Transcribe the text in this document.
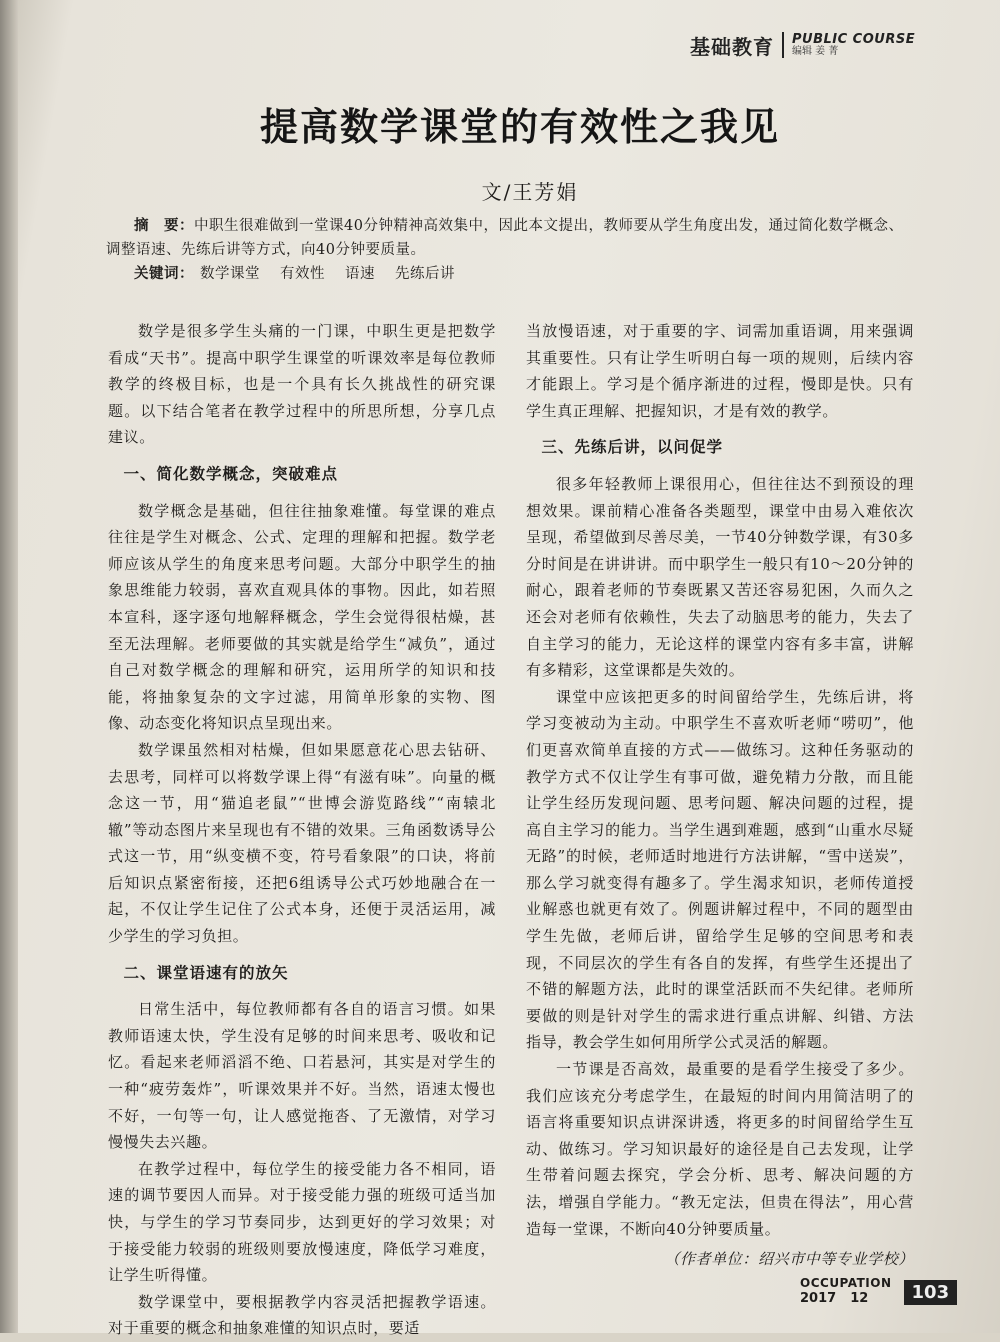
基础教育 PUBLIC COURSE
编辑 姜 菁
提高数学课堂的有效性之我见
文/王芳娟

摘　要：中职生很难做到一堂课40分钟精神高效集中，因此本文提出，教师要从学生角度出发，通过简化数学概念、调整语速、先练后讲等方式，向40分钟要质量。

关键词： 数学课堂 有效性 语速 先练后讲

数学是很多学生头痛的一门课，中职生更是把数学看成“天书”。提高中职学生课堂的听课效率是每位教师教学的终极目标，也是一个具有长久挑战性的研究课题。以下结合笔者在教学过程中的所思所想，分享几点建议。

一、简化数学概念，突破难点

数学概念是基础，但往往抽象难懂。每堂课的难点往往是学生对概念、公式、定理的理解和把握。数学老师应该从学生的角度来思考问题。大部分中职学生的抽象思维能力较弱，喜欢直观具体的事物。因此，如若照本宣科，逐字逐句地解释概念，学生会觉得很枯燥，甚至无法理解。老师要做的其实就是给学生“减负”，通过自己对数学概念的理解和研究，运用所学的知识和技能，将抽象复杂的文字过滤，用简单形象的实物、图像、动态变化将知识点呈现出来。

数学课虽然相对枯燥，但如果愿意花心思去钻研、去思考，同样可以将数学课上得“有滋有味”。向量的概念这一节，用“猫追老鼠”“世博会游览路线”“南辕北辙”等动态图片来呈现也有不错的效果。三角函数诱导公式这一节，用“纵变横不变，符号看象限”的口诀，将前后知识点紧密衔接，还把6组诱导公式巧妙地融合在一起，不仅让学生记住了公式本身，还便于灵活运用，减少学生的学习负担。

二、课堂语速有的放矢

日常生活中，每位教师都有各自的语言习惯。如果教师语速太快，学生没有足够的时间来思考、吸收和记忆。看起来老师滔滔不绝、口若悬河，其实是对学生的一种“疲劳轰炸”，听课效果并不好。当然，语速太慢也不好，一句等一句，让人感觉拖沓、了无激情，对学习慢慢失去兴趣。

在教学过程中，每位学生的接受能力各不相同，语速的调节要因人而异。对于接受能力强的班级可适当加快，与学生的学习节奏同步，达到更好的学习效果；对于接受能力较弱的班级则要放慢速度，降低学习难度，让学生听得懂。

数学课堂中，要根据教学内容灵活把握教学语速。对于重要的概念和抽象难懂的知识点时，要适

当放慢语速，对于重要的字、词需加重语调，用来强调其重要性。只有让学生听明白每一项的规则，后续内容才能跟上。学习是个循序渐进的过程，慢即是快。只有学生真正理解、把握知识，才是有效的教学。

三、先练后讲，以问促学

很多年轻教师上课很用心，但往往达不到预设的理想效果。课前精心准备各类题型，课堂中由易入难依次呈现，希望做到尽善尽美，一节40分钟数学课，有30多分时间是在讲讲讲。而中职学生一般只有10～20分钟的耐心，跟着老师的节奏既累又苦还容易犯困，久而久之还会对老师有依赖性，失去了动脑思考的能力，失去了自主学习的能力，无论这样的课堂内容有多丰富，讲解有多精彩，这堂课都是失效的。

课堂中应该把更多的时间留给学生，先练后讲，将学习变被动为主动。中职学生不喜欢听老师“唠叨”，他们更喜欢简单直接的方式——做练习。这种任务驱动的教学方式不仅让学生有事可做，避免精力分散，而且能让学生经历发现问题、思考问题、解决问题的过程，提高自主学习的能力。当学生遇到难题，感到“山重水尽疑无路”的时候，老师适时地进行方法讲解，“雪中送炭”，那么学习就变得有趣多了。学生渴求知识，老师传道授业解惑也就更有效了。例题讲解过程中，不同的题型由学生先做，老师后讲，留给学生足够的空间思考和表现，不同层次的学生有各自的发挥，有些学生还提出了不错的解题方法，此时的课堂活跃而不失纪律。老师所要做的则是针对学生的需求进行重点讲解、纠错、方法指导，教会学生如何用所学公式灵活的解题。

一节课是否高效，最重要的是看学生接受了多少。我们应该充分考虑学生，在最短的时间内用简洁明了的语言将重要知识点讲深讲透，将更多的时间留给学生互动、做练习。学习知识最好的途径是自己去发现，让学生带着问题去探究，学会分析、思考、解决问题的方法，增强自学能力。“教无定法，但贵在得法”，用心营造每一堂课，不断向40分钟要质量。

（作者单位：绍兴市中等专业学校）

OCCUPATION
2017 12	103
